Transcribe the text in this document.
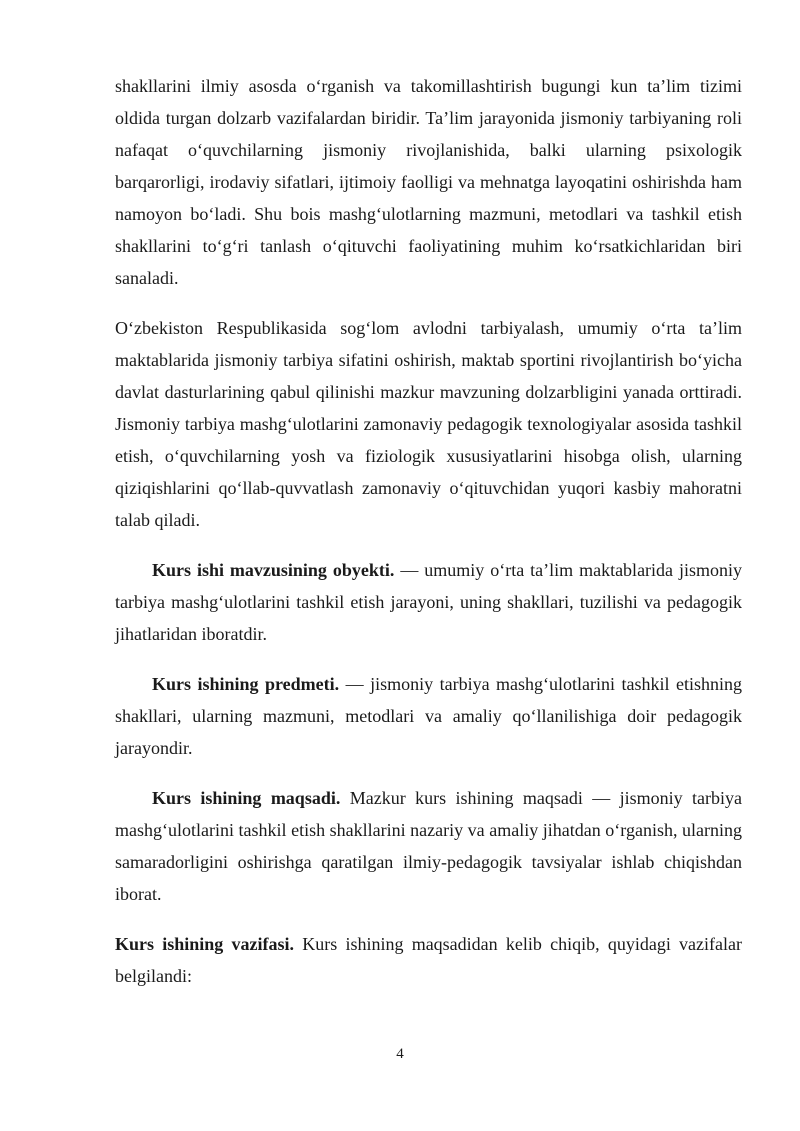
shakllarini ilmiy asosda o‘rganish va takomillashtirish bugungi kun ta’lim tizimi oldida turgan dolzarb vazifalardan biridir. Ta’lim jarayonida jismoniy tarbiyaning roli nafaqat o‘quvchilarning jismoniy rivojlanishida, balki ularning psixologik barqarorligi, irodaviy sifatlari, ijtimoiy faolligi va mehnatga layoqatini oshirishda ham namoyon bo‘ladi. Shu bois mashg‘ulotlarning mazmuni, metodlari va tashkil etish shakllarini to‘g‘ri tanlash o‘qituvchi faoliyatining muhim ko‘rsatkichlaridan biri sanaladi.

O‘zbekiston Respublikasida sog‘lom avlodni tarbiyalash, umumiy o‘rta ta’lim maktablarida jismoniy tarbiya sifatini oshirish, maktab sportini rivojlantirish bo‘yicha davlat dasturlarining qabul qilinishi mazkur mavzuning dolzarbligini yanada orttiradi. Jismoniy tarbiya mashg‘ulotlarini zamonaviy pedagogik texnologiyalar asosida tashkil etish, o‘quvchilarning yosh va fiziologik xususiyatlarini hisobga olish, ularning qiziqishlarini qo‘llab-quvvatlash zamonaviy o‘qituvchidan yuqori kasbiy mahoratni talab qiladi.

Kurs ishi mavzusining obyekti. — umumiy o‘rta ta’lim maktablarida jismoniy tarbiya mashg‘ulotlarini tashkil etish jarayoni, uning shakllari, tuzilishi va pedagogik jihatlaridan iboratdir.

Kurs ishining predmeti. — jismoniy tarbiya mashg‘ulotlarini tashkil etishning shakllari, ularning mazmuni, metodlari va amaliy qo‘llanilishiga doir pedagogik jarayondir.

Kurs ishining maqsadi. Mazkur kurs ishining maqsadi — jismoniy tarbiya mashg‘ulotlarini tashkil etish shakllarini nazariy va amaliy jihatdan o‘rganish, ularning samaradorligini oshirishga qaratilgan ilmiy-pedagogik tavsiyalar ishlab chiqishdan iborat.

Kurs ishining vazifasi. Kurs ishining maqsadidan kelib chiqib, quyidagi vazifalar belgilandi:

4
